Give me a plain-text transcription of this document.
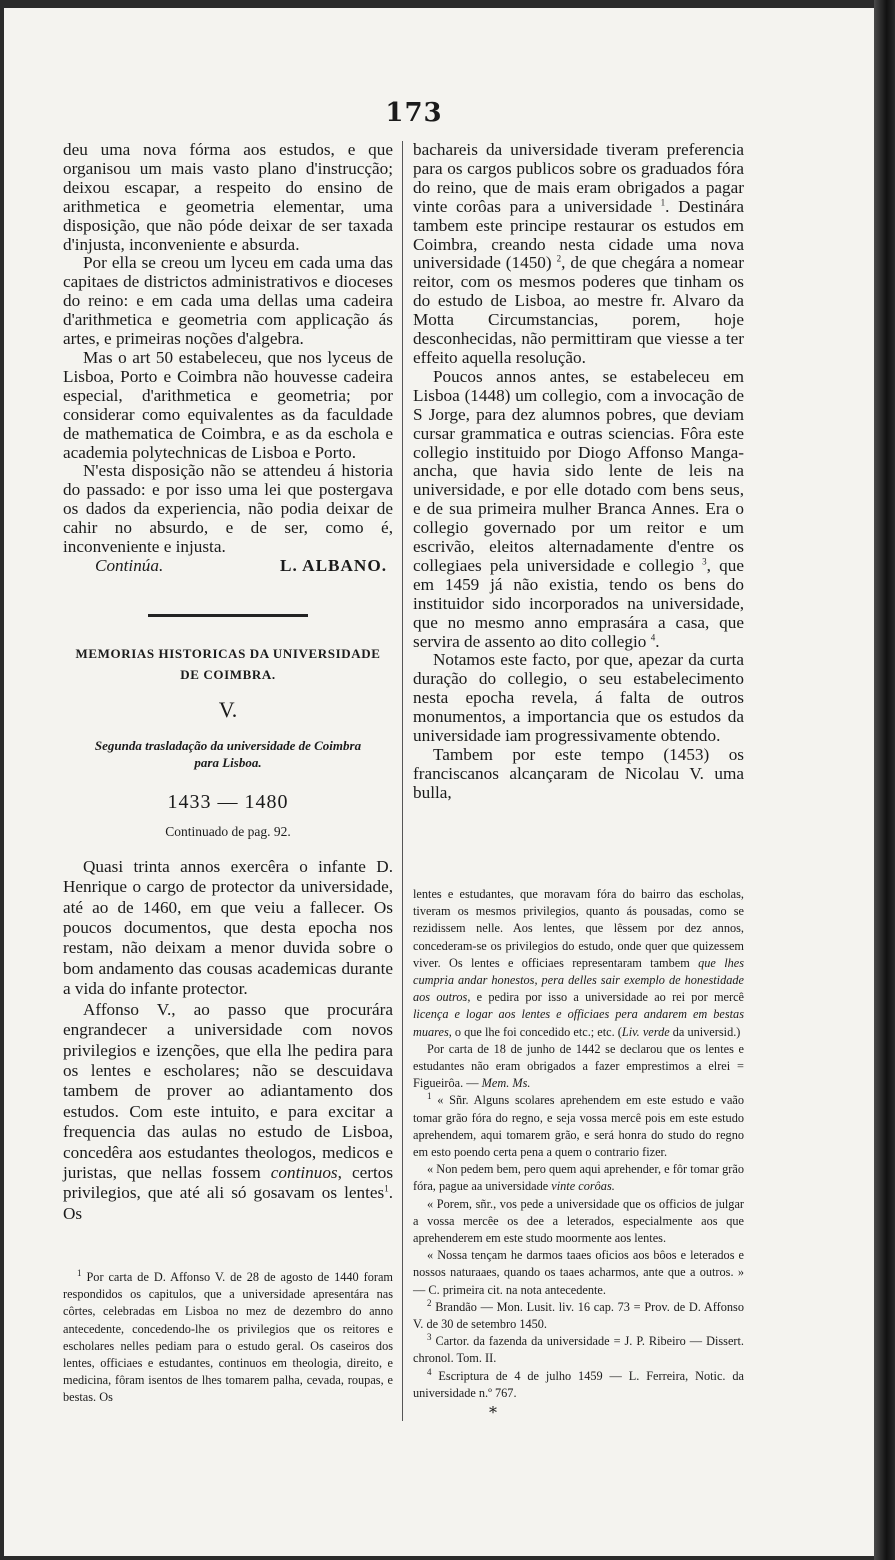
173

deu uma nova fórma aos estudos, e que organisou um mais vasto plano d'instrucção; deixou escapar, a respeito do ensino de arithmetica e geometria elementar, uma disposição, que não póde deixar de ser taxada d'injusta, inconveniente e absurda.

Por ella se creou um lyceu em cada uma das capitaes de districtos administrativos e dioceses do reino: e em cada uma dellas uma cadeira d'arithmetica e geometria com applicação ás artes, e primeiras noções d'algebra.

Mas o art 50 estabeleceu, que nos lyceus de Lisboa, Porto e Coimbra não houvesse cadeira especial, d'arithmetica e geometria; por considerar como equivalentes as da faculdade de mathematica de Coimbra, e as da eschola e academia polytechnicas de Lisboa e Porto.

N'esta disposição não se attendeu á historia do passado: e por isso uma lei que postergava os dados da experiencia, não podia deixar de cahir no absurdo, e de ser, como é, inconveniente e injusta.

Continúa.	L. ALBANO.
MEMORIAS HISTORICAS DA UNIVERSIDADE
DE COIMBRA.
V.
Segunda trasladação da universidade de Coimbra
para Lisboa.
1433 — 1480
Continuado de pag. 92.

Quasi trinta annos exercêra o infante D. Henrique o cargo de protector da universidade, até ao de 1460, em que veiu a fallecer. Os poucos documentos, que desta epocha nos restam, não deixam a menor duvida sobre o bom andamento das cousas academicas durante a vida do infante protector.

Affonso V., ao passo que procurára engrandecer a universidade com novos privilegios e izenções, que ella lhe pedira para os lentes e escholares; não se descuidava tambem de prover ao adiantamento dos estudos. Com este intuito, e para excitar a frequencia das aulas no estudo de Lisboa, concedêra aos estudantes theologos, medicos e juristas, que nellas fossem continuos, certos privilegios, que até ali só gosavam os lentes$^1$. Os

$^1$ Por carta de D. Affonso V. de 28 de agosto de 1440 foram respondidos os capitulos, que a universidade apresentára nas côrtes, celebradas em Lisboa no mez de dezembro do anno antecedente, concedendo-lhe os privilegios que os reitores e escholares nelles pediam para o estudo geral. Os caseiros dos lentes, officiaes e estudantes, continuos em theologia, direito, e medicina, fôram isentos de lhes tomarem palha, cevada, roupas, e bestas. Os

bachareis da universidade tiveram preferencia para os cargos publicos sobre os graduados fóra do reino, que de mais eram obrigados a pagar vinte corôas para a universidade $^1$. Destinára tambem este principe restaurar os estudos em Coimbra, creando nesta cidade uma nova universidade (1450) $^2$, de que chegára a nomear reitor, com os mesmos poderes que tinham os do estudo de Lisboa, ao mestre fr. Alvaro da Motta Circumstancias, porem, hoje desconhecidas, não permittiram que viesse a ter effeito aquella resolução.

Poucos annos antes, se estabeleceu em Lisboa (1448) um collegio, com a invocação de S Jorge, para dez alumnos pobres, que deviam cursar grammatica e outras sciencias. Fôra este collegio instituido por Diogo Affonso Manga-ancha, que havia sido lente de leis na universidade, e por elle dotado com bens seus, e de sua primeira mulher Branca Annes. Era o collegio governado por um reitor e um escrivão, eleitos alternadamente d'entre os collegiaes pela universidade e collegio $^3$, que em 1459 já não existia, tendo os bens do instituidor sido incorporados na universidade, que no mesmo anno emprasára a casa, que servira de assento ao dito collegio $^4$.

Notamos este facto, por que, apezar da curta duração do collegio, o seu estabelecimento nesta epocha revela, á falta de outros monumentos, a importancia que os estudos da universidade iam progressivamente obtendo.

Tambem por este tempo (1453) os franciscanos alcançaram de Nicolau V. uma bulla,

lentes e estudantes, que moravam fóra do bairro das escholas, tiveram os mesmos privilegios, quanto ás pousadas, como se rezidissem nelle. Aos lentes, que lêssem por dez annos, concederam-se os privilegios do estudo, onde quer que quizessem viver. Os lentes e officiaes representaram tambem que lhes cumpria andar honestos, pera delles sair exemplo de honestidade aos outros, e pedira por isso a universidade ao rei por mercê licença e logar aos lentes e officiaes pera andarem em bestas muares, o que lhe foi concedido etc.; etc. (Liv. verde da universid.)

Por carta de 18 de junho de 1442 se declarou que os lentes e estudantes não eram obrigados a fazer emprestimos a elrei = Figueirôa. — Mem. Ms.

$^1$ « Sñr. Alguns scolares aprehendem em este estudo e vaão tomar grão fóra do regno, e seja vossa mercê pois em este estudo aprehendem, aqui tomarem grão, e será honra do studo do regno em esto poendo certa pena a quem o contrario fizer.

« Non pedem bem, pero quem aqui aprehender, e fôr tomar grão fóra, pague aa universidade vinte corôas.

« Porem, sñr., vos pede a universidade que os officios de julgar a vossa mercêe os dee a leterados, especialmente aos que aprehenderem em este studo moormente aos lentes.

« Nossa tençam he darmos taaes oficios aos bôos e leterados e nossos naturaaes, quando os taaes acharmos, ante que a outros. » — C. primeira cit. na nota antecedente.

$^2$ Brandão — Mon. Lusit. liv. 16 cap. 73 = Prov. de D. Affonso V. de 30 de setembro 1450.

$^3$ Cartor. da fazenda da universidade = J. P. Ribeiro — Dissert. chronol. Tom. II.

$^4$ Escriptura de 4 de julho 1459 — L. Ferreira, Notic. da universidade n.º 767.

*
